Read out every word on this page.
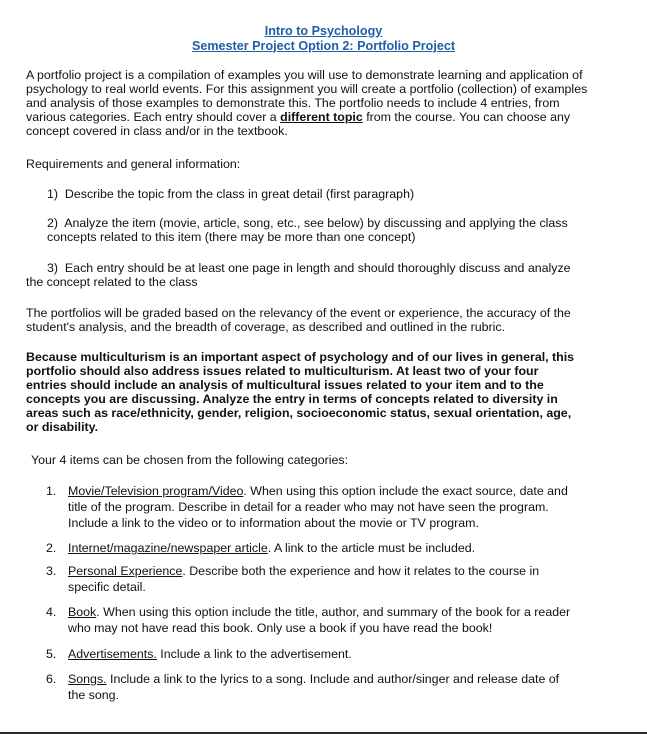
Intro to Psychology

Semester Project Option 2: Portfolio Project

A portfolio project is a compilation of examples you will use to demonstrate learning and application of psychology to real world events. For this assignment you will create a portfolio (collection) of examples and analysis of those examples to demonstrate this. The portfolio needs to include 4 entries, from various categories. Each entry should cover a different topic from the course. You can choose any concept covered in class and/or in the textbook.

Requirements and general information:

1) Describe the topic from the class in great detail (first paragraph)

2) Analyze the item (movie, article, song, etc., see below) by discussing and applying the class concepts related to this item (there may be more than one concept)

3) Each entry should be at least one page in length and should thoroughly discuss and analyze the concept related to the class

The portfolios will be graded based on the relevancy of the event or experience, the accuracy of the student's analysis, and the breadth of coverage, as described and outlined in the rubric.

Because multiculturism is an important aspect of psychology and of our lives in general, this portfolio should also address issues related to multiculturism. At least two of your four entries should include an analysis of multicultural issues related to your item and to the concepts you are discussing. Analyze the entry in terms of concepts related to diversity in areas such as race/ethnicity, gender, religion, socioeconomic status, sexual orientation, age, or disability.

Your 4 items can be chosen from the following categories:

1. Movie/Television program/Video. When using this option include the exact source, date and title of the program. Describe in detail for a reader who may not have seen the program. Include a link to the video or to information about the movie or TV program.
2. Internet/magazine/newspaper article. A link to the article must be included.
3. Personal Experience. Describe both the experience and how it relates to the course in specific detail.
4. Book. When using this option include the title, author, and summary of the book for a reader who may not have read this book. Only use a book if you have read the book!
5. Advertisements. Include a link to the advertisement.
6. Songs. Include a link to the lyrics to a song. Include and author/singer and release date of the song.
